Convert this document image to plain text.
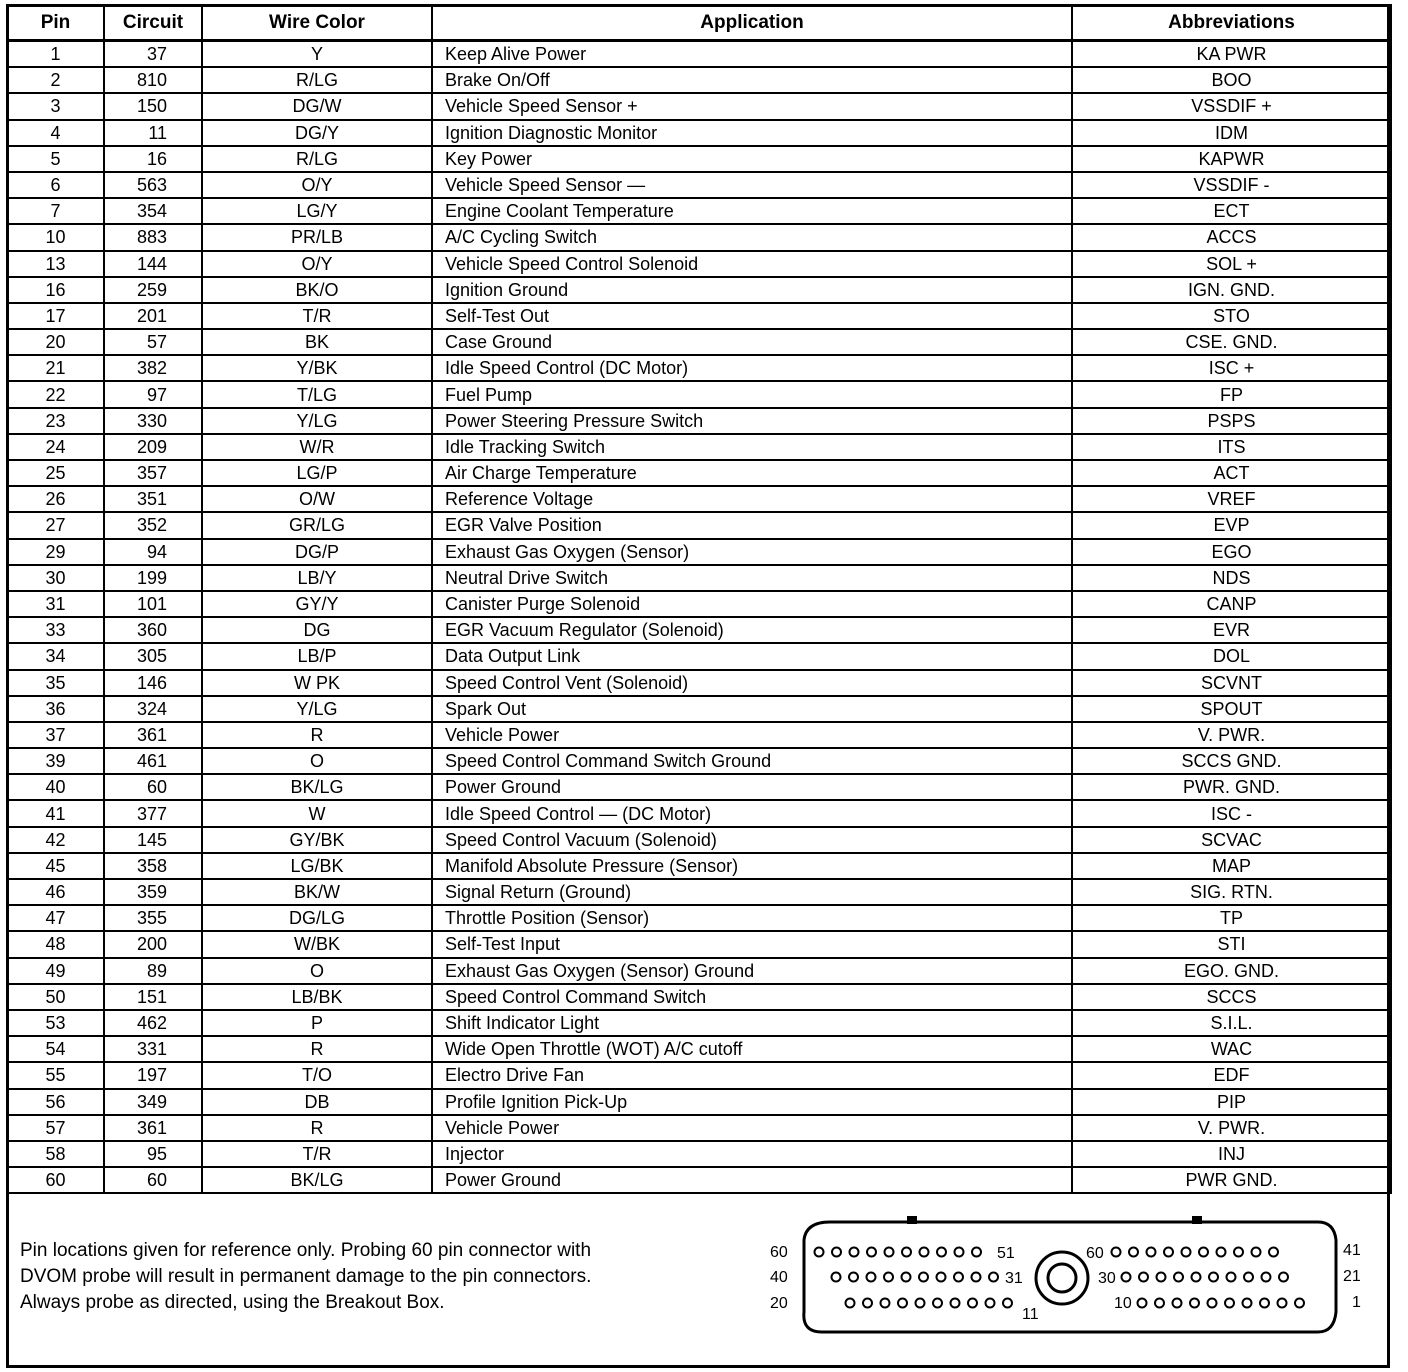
Pin	Circuit	Wire Color	Application	Abbreviations
1	37	Y	Keep Alive Power	KA PWR
2	810	R/LG	Brake On/Off	BOO
3	150	DG/W	Vehicle Speed Sensor +	VSSDIF +
4	11	DG/Y	Ignition Diagnostic Monitor	IDM
5	16	R/LG	Key Power	KAPWR
6	563	O/Y	Vehicle Speed Sensor —	VSSDIF -
7	354	LG/Y	Engine Coolant Temperature	ECT
10	883	PR/LB	A/C Cycling Switch	ACCS
13	144	O/Y	Vehicle Speed Control Solenoid	SOL +
16	259	BK/O	Ignition Ground	IGN. GND.
17	201	T/R	Self-Test Out	STO
20	57	BK	Case Ground	CSE. GND.
21	382	Y/BK	Idle Speed Control (DC Motor)	ISC +
22	97	T/LG	Fuel Pump	FP
23	330	Y/LG	Power Steering Pressure Switch	PSPS
24	209	W/R	Idle Tracking Switch	ITS
25	357	LG/P	Air Charge Temperature	ACT
26	351	O/W	Reference Voltage	VREF
27	352	GR/LG	EGR Valve Position	EVP
29	94	DG/P	Exhaust Gas Oxygen (Sensor)	EGO
30	199	LB/Y	Neutral Drive Switch	NDS
31	101	GY/Y	Canister Purge Solenoid	CANP
33	360	DG	EGR Vacuum Regulator (Solenoid)	EVR
34	305	LB/P	Data Output Link	DOL
35	146	W PK	Speed Control Vent (Solenoid)	SCVNT
36	324	Y/LG	Spark Out	SPOUT
37	361	R	Vehicle Power	V. PWR.
39	461	O	Speed Control Command Switch Ground	SCCS GND.
40	60	BK/LG	Power Ground	PWR. GND.
41	377	W	Idle Speed Control — (DC Motor)	ISC -
42	145	GY/BK	Speed Control Vacuum (Solenoid)	SCVAC
45	358	LG/BK	Manifold Absolute Pressure (Sensor)	MAP
46	359	BK/W	Signal Return (Ground)	SIG. RTN.
47	355	DG/LG	Throttle Position (Sensor)	TP
48	200	W/BK	Self-Test Input	STI
49	89	O	Exhaust Gas Oxygen (Sensor) Ground	EGO. GND.
50	151	LB/BK	Speed Control Command Switch	SCCS
53	462	P	Shift Indicator Light	S.I.L.
54	331	R	Wide Open Throttle (WOT) A/C cutoff	WAC
55	197	T/O	Electro Drive Fan	EDF
56	349	DB	Profile Ignition Pick-Up	PIP
57	361	R	Vehicle Power	V. PWR.
58	95	T/R	Injector	INJ
60	60	BK/LG	Power Ground	PWR GND.
Pin locations given for reference only. Probing 60 pin connector with
DVOM probe will result in permanent damage to the pin connectors.
Always probe as directed, using the Breakout Box.
60
40
20
41
21
1
51
31
11
60
30
10
